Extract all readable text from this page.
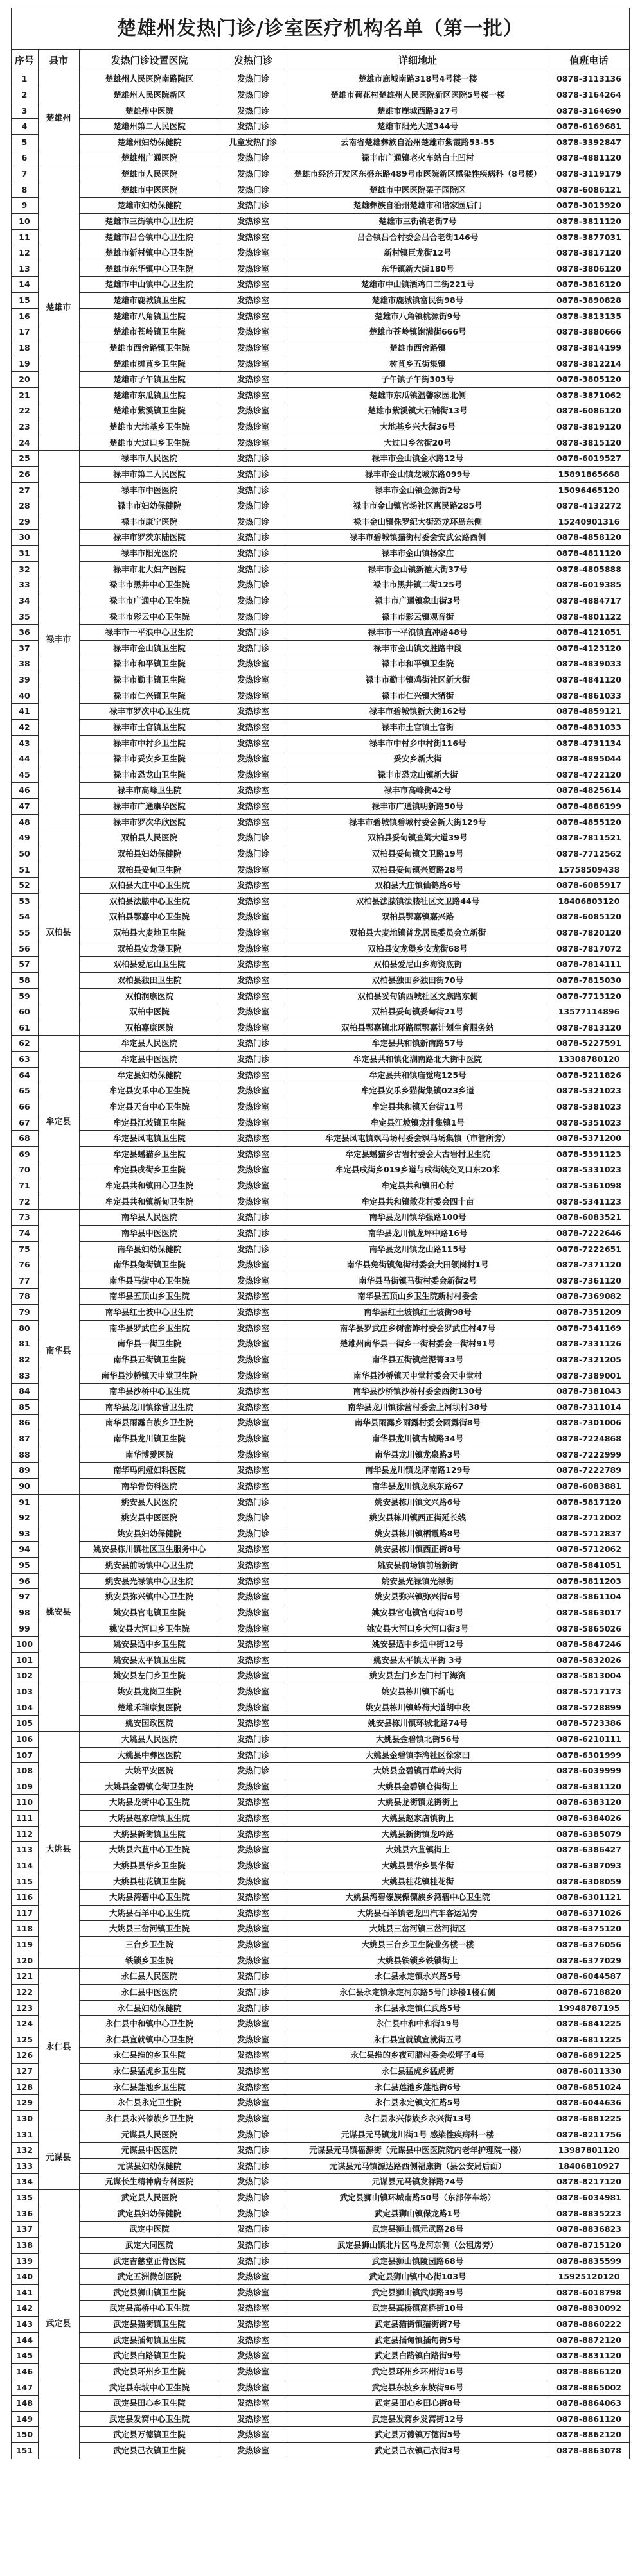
楚雄州发热门诊/诊室医疗机构名单（第一批）					
序号	县市	发热门诊设置医院	发热门诊	详细地址	值班电话
1	楚雄州	楚雄州人民医院南路院区	发热门诊	楚雄市鹿城南路318号4号楼一楼	0878-3113136
2		楚雄州人民医院新区	发热门诊	楚雄市荷花村楚雄州人民医院新区医院5号楼一楼	0878-3164264
3		楚雄州中医院	发热门诊	楚雄市鹿城西路327号	0878-3164690
4		楚雄州第二人民医院	发热门诊	楚雄市阳光大道344号	0878-6169681
5		楚雄州妇幼保健院	儿童发热门诊	云南省楚雄彝族自治州楚雄市紫霞路53-55	0878-3392847
6		楚雄州广通医院	发热门诊	禄丰市广通镇老火车站白土凹村	0878-4881120
7	楚雄市	楚雄市人民医院	发热门诊	楚雄市经济开发区东盛东路489号市医院新区感染性疾病科（8号楼）	0878-3119179
8		楚雄市中医医院	发热门诊	楚雄市中医医院栗子园院区	0878-6086121
9		楚雄市妇幼保健院	发热门诊	楚雄彝族自治州楚雄市和谐家园后门	0878-3013920
10		楚雄市三街镇中心卫生院	发热诊室	楚雄市三街镇老街7号	0878-3811120
11		楚雄市吕合镇中心卫生院	发热诊室	吕合镇吕合村委会吕合老街146号	0878-3877031
12		楚雄市新村镇中心卫生院	发热诊室	新村镇巨龙街12号	0878-3817120
13		楚雄市东华镇中心卫生院	发热诊室	东华镇新大街180号	0878-3806120
14		楚雄市中山镇中心卫生院	发热诊室	楚雄市中山镇洒鸡口二街221号	0878-3816120
15		楚雄市鹿城镇卫生院	发热诊室	楚雄市鹿城镇富民街98号	0878-3890828
16		楚雄市八角镇卫生院	发热诊室	楚雄市八角镇桃源街9号	0878-3813135
17		楚雄市苍岭镇卫生院	发热诊室	楚雄市苍岭镇饱满街666号	0878-3880666
18		楚雄市西舍路镇卫生院	发热诊室	楚雄市西舍路镇	0878-3814199
19		楚雄市树苴乡卫生院	发热诊室	树苴乡五街集镇	0878-3812214
20		楚雄市子午镇卫生院	发热诊室	子午镇子午街303号	0878-3805120
21		楚雄市东瓜镇卫生院	发热诊室	楚雄市东瓜镇温馨家园北侧	0878-3871062
22		楚雄市紫溪镇卫生院	发热诊室	楚雄市紫溪镇大石铺街13号	0878-6086120
23		楚雄市大地基乡卫生院	发热诊室	大地基乡兴大街36号	0878-3819120
24		楚雄市大过口乡卫生院	发热诊室	大过口乡岔街20号	0878-3815120
25	禄丰市	禄丰市人民医院	发热门诊	禄丰市金山镇金水路12号	0878-6019527
26		禄丰市第二人民医院	发热门诊	禄丰市金山镇龙城东路099号	15891865668
27		禄丰市中医医院	发热门诊	禄丰市金山镇金源街2号	15096465120
28		禄丰市妇幼保健院	发热门诊	禄丰市金山镇官场社区惠民路285号	0878-4132272
29		禄丰市康宁医院	发热门诊	禄丰金山镇侏罗纪大街恐龙环岛东侧	15240901316
30		禄丰市罗茨东陆医院	发热门诊	禄丰市碧城镇猫街村委会安武公路西侧	0878-4858120
31		禄丰市阳光医院	发热门诊	禄丰市金山镇杨家庄	0878-4811120
32		禄丰市北大妇产医院	发热门诊	禄丰市金山镇新禧大街37号	0878-4805888
33		禄丰市黑井中心卫生院	发热门诊	禄丰市黑井镇二街125号	0878-6019385
34		禄丰市广通中心卫生院	发热门诊	禄丰市广通镇象山街3号	0878-4884717
35		禄丰市彩云中心卫生院	发热门诊	禄丰市彩云镇观音街	0878-4801122
36		禄丰市一平浪中心卫生院	发热门诊	禄丰市一平浪镇直冲路48号	0878-4121051
37		禄丰市金山镇卫生院	发热门诊	禄丰市金山镇文胜路中段	0878-4123120
38		禄丰市和平镇卫生院	发热诊室	禄丰市和平镇卫生院	0878-4839033
39		禄丰市勤丰镇卫生院	发热诊室	禄丰市勤丰镇鸡街社区新大街	0878-4841120
40		禄丰市仁兴镇卫生院	发热诊室	禄丰市仁兴镇大猪街	0878-4861033
41		禄丰市罗次中心卫生院	发热诊室	禄丰市碧城镇新大街162号	0878-4859121
42		禄丰市土官镇卫生院	发热诊室	禄丰市土官镇土官街	0878-4831033
43		禄丰市中村乡卫生院	发热诊室	禄丰市中村乡中村街116号	0878-4731134
44		禄丰市妥安乡卫生院	发热诊室	妥安乡新大街	0878-4895044
45		禄丰市恐龙山卫生院	发热诊室	禄丰市恐龙山镇新大街	0878-4722120
46		禄丰市高峰卫生院	发热诊室	禄丰市高峰街42号	0878-4825614
47		禄丰市广通康华医院	发热诊室	禄丰市广通镇明新路50号	0878-4886199
48		禄丰市罗次华欣医院	发热诊室	禄丰市碧城镇碧城村委会新大街129号	0878-4855120
49	双柏县	双柏县人民医院	发热门诊	双柏县妥甸镇查姆大道39号	0878-7811521
50		双柏县妇幼保健院	发热门诊	双柏县妥甸镇文卫路19号	0878-7712562
51		双柏县妥甸卫生院	发热诊室	双柏县妥甸镇兴贸路28号	15758509438
52		双柏县大庄中心卫生院	发热诊室	双柏县大庄镇仙鹤路6号	0878-6085917
53		双柏县法脿中心卫生院	发热诊室	双柏县法脿镇法脿社区文卫路44号	18406803120
54		双柏县鄂嘉中心卫生院	发热诊室	双柏县鄂嘉镇嘉兴路	0878-6085120
55		双柏县大麦地卫生院	发热诊室	双柏县大麦地镇普龙居民委员会立新街	0878-7820120
56		双柏县安龙堡卫院	发热诊室	双柏县安龙堡乡安龙街68号	0878-7817072
57		双柏县爱尼山卫生院	发热诊室	双柏县爱尼山乡海资底街	0878-7814111
58		双柏县独田卫生院	发热诊室	双柏县独田乡独田街70号	0878-7815030
59		双柏润康医院	发热诊室	双柏县妥甸镇西城社区文康路东侧	0878-7713120
60		双柏中医院	发热诊室	双柏县妥甸镇妥甸街21号	13577114896
61		双柏嘉康医院	发热诊室	双柏县鄂嘉镇北环路原鄂嘉计划生育服务站	0878-7813120
62	牟定县	牟定县人民医院	发热门诊	牟定县共和镇新南路57号	0878-5227591
63		牟定县中医医院	发热门诊	牟定县共和镇化湖南路北大街中医院	13308780120
64		牟定县妇幼保健院	发热诊室	牟定县共和镇庙觉庵125号	0878-5211826
65		牟定县安乐中心卫生院	发热诊室	牟定县安乐乡猫街集镇023乡道	0878-5321023
66		牟定县天台中心卫生院	发热诊室	牟定县共和镇天台街11号	0878-5381023
67		牟定县江坡镇卫生院	发热诊室	牟定县江坡镇龙排集镇1号	0878-5351023
68		牟定县凤屯镇卫生院	发热诊室	牟定县凤屯镇飒马场村委会飒马场集镇（市管所旁）	0878-5371200
69		牟定县蟠猫乡卫生院	发热诊室	牟定县蟠猫乡古岩村委会大古岩村卫生院	0878-5391123
70		牟定县戌街乡卫生院	发热诊室	牟定县戌街乡019乡道与戌街线交叉口东20米	0878-5331023
71		牟定县共和镇田心卫生院	发热诊室	牟定县共和镇田心村	0878-5361098
72		牟定县共和镇新甸卫生院	发热诊室	牟定县共和镇散花村委会四十亩	0878-5341123
73	南华县	南华县人民医院	发热门诊	南华县龙川镇华强路100号	0878-6083521
74		南华县中医医院	发热门诊	南华县龙川镇龙坪中路16号	0878-7222646
75		南华县妇幼保健院	发热门诊	南华县龙川镇龙山路115号	0878-7222651
76		南华县兔街镇卫生院	发热诊室	南华县兔街镇兔街村委会大田领岗村1号	0878-7371120
77		南华县马街中心卫生院	发热诊室	南华县马街镇马街村委会新街2号	0878-7361120
78		南华县五顶山乡卫生院	发热诊室	南华县五顶山乡卫生院新村村委会	0878-7369082
79		南华县红土坡中心卫生院	发热诊室	南华县红土坡镇红土坡街98号	0878-7351209
80		南华县罗武庄乡卫生院	发热诊室	南华县罗武庄乡树密鲊村委会罗武庄村47号	0878-7341169
81		南华县一街卫生院	发热诊室	楚雄州南华县一街乡一街村委会一街村91号	0878-7331126
82		南华县五街镇卫生院	发热诊室	南华县五街镇烂泥箐33号	0878-7321205
83		南华县沙桥镇天申堂卫生院	发热诊室	南华县沙桥镇天申堂村委会天申堂村	0878-7389001
84		南华县沙桥中心卫生院	发热诊室	南华县沙桥镇沙桥村委会西街130号	0878-7381043
85		南华县龙川镇徐营卫生院	发热诊室	南华县龙川镇徐营村委会上河坝村38号	0878-7311014
86		南华县雨露白族乡卫生院	发热诊室	南华县雨露乡雨露村委会雨露街8号	0878-7301006
87		南华县龙川镇卫生院	发热诊室	南华县龙川镇古城路34号	0878-7224868
88		南华博爱医院	发热诊室	南华县龙川镇龙泉路3号	0878-7222999
89		南华玛俐娅妇科医院	发热诊室	南华县龙川镇龙评南路129号	0878-7222789
90		南华骨伤科医院	发热诊室	南华县龙川镇龙泉东路67	0878-6083881
91	姚安县	姚安县人民医院	发热门诊	姚安县栋川镇文兴路6号	0878-5817120
92		姚安县中医医院	发热门诊	姚安县栋川镇西正街延长线	0878-2712002
93		姚安县妇幼保健院	发热门诊	姚安县栋川镇栖霞路8号	0878-5712837
94		姚安县栋川镇社区卫生服务中心	发热诊室	姚安县栋川镇西正街8号	0878-5712062
95		姚安县前场镇中心卫生院	发热诊室	姚安县前场镇前场新街	0878-5841051
96		姚安县光禄镇中心卫生院	发热诊室	姚安县光禄镇光禄街	0878-5811203
97		姚安县弥兴镇中心卫生院	发热诊室	姚安县弥兴镇弥兴街6号	0878-5861104
98		姚安县官屯镇卫生院	发热诊室	姚安县官屯镇官屯街10号	0878-5863017
99		姚安县大河口乡卫生院	发热诊室	姚安县大河口乡大河口街3号	0878-5865026
100		姚安县适中乡卫生院	发热诊室	姚安县适中乡适中街12号	0878-5847246
101		姚安县太平镇卫生院	发热诊室	姚安县太平镇太平街 3号	0878-5832026
102		姚安县左门乡卫生院	发热诊室	姚安县左门乡左门村干海资	0878-5813004
103		姚安县龙岗卫生院	发热诊室	姚安县栋川镇下新屯	0878-5717173
104		楚雄禾瑞康复医院	发热诊室	姚安县栋川镇蛉荷大道胡中段	0878-5728899
105		姚安国政医院	发热诊室	姚安县栋川镇环城北路74号	0878-5723386
106	大姚县	大姚县人民医院	发热门诊	大姚县金碧镇北街56号	0878-6210111
107		大姚县中彝医医院	发热门诊	大姚县金碧镇李湾社区徐家凹	0878-6301999
108		大姚平安医院	发热门诊	大姚县金碧镇百草岭大街	0878-6039999
109		大姚县金碧镇仓街卫生院	发热诊室	大姚县金碧镇仓街街上	0878-6381120
110		大姚县龙街中心卫生院	发热诊室	大姚县龙街镇龙街街上	0878-6383120
111		大姚县赵家店镇卫生院	发热诊室	大姚县赵家店镇街上	0878-6384026
112		大姚县新街镇卫生院	发热诊室	大姚县新街镇龙吟路	0878-6385079
113		大姚县六苴中心卫生院	发热诊室	大姚县六苴镇街上	0878-6386427
114		大姚县昙华乡卫生院	发热诊室	大姚县昙华乡昙华街	0878-6387093
115		大姚县桂花镇卫生院	发热诊室	大姚县桂花镇桂花街	0878-6308059
116		大姚县湾碧中心卫生院	发热诊室	大姚县湾碧傣族傈僳族乡湾碧中心卫生院	0878-6301121
117		大姚县石羊中心卫生院	发热诊室	大姚县石羊镇老龙凹汽车客运站旁	0878-6371026
118		大姚县三岔河镇卫生院	发热诊室	大姚县三岔河镇三岔河街区	0878-6375120
119		三台乡卫生院	发热诊室	大姚县三台乡卫生院业务楼一楼	0878-6376056
120		铁锁乡卫生院	发热诊室	大姚县铁锁乡铁锁街上	0878-6377029
121	永仁县	永仁县人民医院	发热门诊	永仁县永定镇永兴路5号	0878-6044587
122		永仁县中医医院	发热门诊	永仁县永定镇永定河东路5号门诊楼1楼右侧	0878-6718820
123		永仁县妇幼保健院	发热门诊	永仁县永定镇仁武路5号	19948787195
124		永仁县中和镇中心卫生院	发热诊室	永仁县中和中和街19号	0878-6841225
125		永仁县宜就镇中心卫生院	发热诊室	永仁县宜就镇宜就街五号	0878-6811225
126		永仁县维的乡卫生院	发热诊室	永仁县维的乡夜可腊村委会松坪子4号	0878-6891225
127		永仁县猛虎乡卫生院	发热诊室	永仁县猛虎乡猛虎街	0878-6011330
128		永仁县莲池乡卫生院	发热诊室	永仁县莲池乡莲池街6号	0878-6851024
129		永仁县永定卫生院	发热诊室	永仁县永定镇文汇路5号	0878-6044636
130		永仁县永兴傣族乡卫生院	发热诊室	永仁县永兴傣族乡永兴街13号	0878-6881225
131	元谋县	元谋县人民医院	发热门诊	元谋县元马镇龙川街1号 感染性疾病科一楼	0878-8211756
132		元谋县中医医院	发热门诊	元谋县元马镇福源街（元谋县中医医院院内老年护理院一楼）	13987801120
133		元谋县妇幼保健院	发热门诊	元谋县元马镇源达路西侧福康街（县公安局后面）	18406810927
134		元谋长生精神病专科医院	发热门诊	元谋县元马镇发祥路74号	0878-8217120
135	武定县	武定县人民医院	发热门诊	武定县狮山镇环城南路50号（东部停车场）	0878-6034981
136		武定县妇幼保健院	发热门诊	武定县狮山镇保龙路1号	0878-8835223
137		武定中医院	发热门诊	武定县狮山镇元武路28号	0878-8836823
138		武定大同医院	发热门诊	武定县狮山镇北片区乌龙河东侧（公租房旁）	0878-8715120
139		武定吉慈堂正骨医院	发热门诊	武定县狮山镇陵园路68号	0878-8835599
140		武定五洲微创医院	发热诊室	武定县狮山镇中心街103号	15925120120
141		武定县狮山镇卫生院	发热诊室	武定县狮山镇武康路39号	0878-6018798
142		武定县高桥中心卫生院	发热诊室	武定县高桥镇高桥街10号	0878-8830092
143		武定县猫街镇卫生院	发热诊室	武定县猫街镇猫街街7号	0878-8860222
144		武定县插甸镇卫生院	发热诊室	武定县插甸镇插甸街5号	0878-8872120
145		武定县白路镇卫生院	发热诊室	武定县白路镇白路街9号	0878-8831120
146		武定县环州乡卫生院	发热诊室	武定县环州乡环州街16号	0878-8866120
147		武定县东坡中心卫生院	发热诊室	武定县东坡乡东坡街96号	0878-8865002
148		武定县田心乡卫生院	发热诊室	武定县田心乡田心街8号	0878-8864063
149		武定县发窝中心卫生院	发热诊室	武定县发窝乡发窝街12号	0878-8861120
150		武定县万德镇卫生院	发热诊室	武定县万德镇万德街5号	0878-8862120
151		武定县己衣镇卫生院	发热诊室	武定县己衣镇己衣街3号	0878-8863078
